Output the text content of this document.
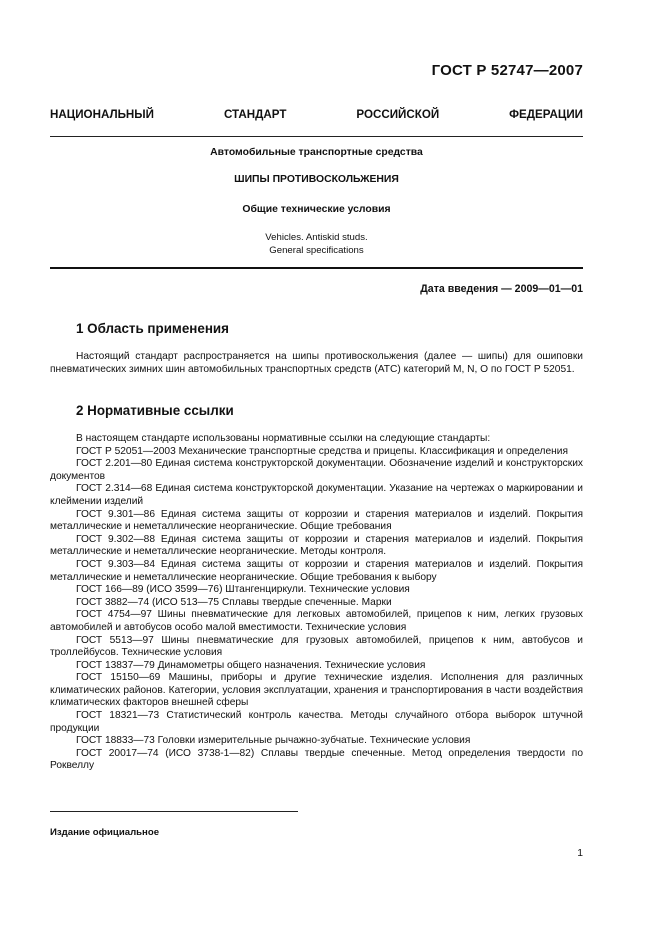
ГОСТ Р 52747—2007
НАЦИОНАЛЬНЫЙ	СТАНДАРТ	РОССИЙСКОЙ	ФЕДЕРАЦИИ
Автомобильные транспортные средства
ШИПЫ ПРОТИВОСКОЛЬЖЕНИЯ
Общие технические условия
Vehicles. Antiskid studs.
General specifications
Дата введения — 2009—01—01
1 Область применения
Настоящий стандарт распространяется на шипы противоскольжения (далее — шипы) для ошиповки пневматических зимних шин автомобильных транспортных средств (АТС) категорий M, N, O по ГОСТ Р 52051.
2 Нормативные ссылки

В настоящем стандарте использованы нормативные ссылки на следующие стандарты:

ГОСТ Р 52051—2003 Механические транспортные средства и прицепы. Классификация и определения

ГОСТ 2.201—80 Единая система конструкторской документации. Обозначение изделий и конструкторских документов

ГОСТ 2.314—68 Единая система конструкторской документации. Указание на чертежах о маркировании и клеймении изделий

ГОСТ 9.301—86 Единая система защиты от коррозии и старения материалов и изделий. Покрытия металлические и неметаллические неорганические. Общие требования

ГОСТ 9.302—88 Единая система защиты от коррозии и старения материалов и изделий. Покрытия металлические и неметаллические неорганические. Методы контроля.

ГОСТ 9.303—84 Единая система защиты от коррозии и старения материалов и изделий. Покрытия металлические и неметаллические неорганические. Общие требования к выбору

ГОСТ 166—89 (ИСО 3599—76) Штангенциркули. Технические условия

ГОСТ 3882—74 (ИСО 513—75 Сплавы твердые спеченные. Марки

ГОСТ 4754—97 Шины пневматические для легковых автомобилей, прицепов к ним, легких грузовых автомобилей и автобусов особо малой вместимости. Технические условия

ГОСТ 5513—97 Шины пневматические для грузовых автомобилей, прицепов к ним, автобусов и троллейбусов. Технические условия

ГОСТ 13837—79 Динамометры общего назначения. Технические условия

ГОСТ 15150—69 Машины, приборы и другие технические изделия. Исполнения для различных климатических районов. Категории, условия эксплуатации, хранения и транспортирования в части воздействия климатических факторов внешней сферы

ГОСТ 18321—73 Статистический контроль качества. Методы случайного отбора выборок штучной продукции

ГОСТ 18833—73 Головки измерительные рычажно-зубчатые. Технические условия

ГОСТ 20017—74 (ИСО 3738-1—82) Сплавы твердые спеченные. Метод определения твердости по Роквеллу

Издание официальное
1
